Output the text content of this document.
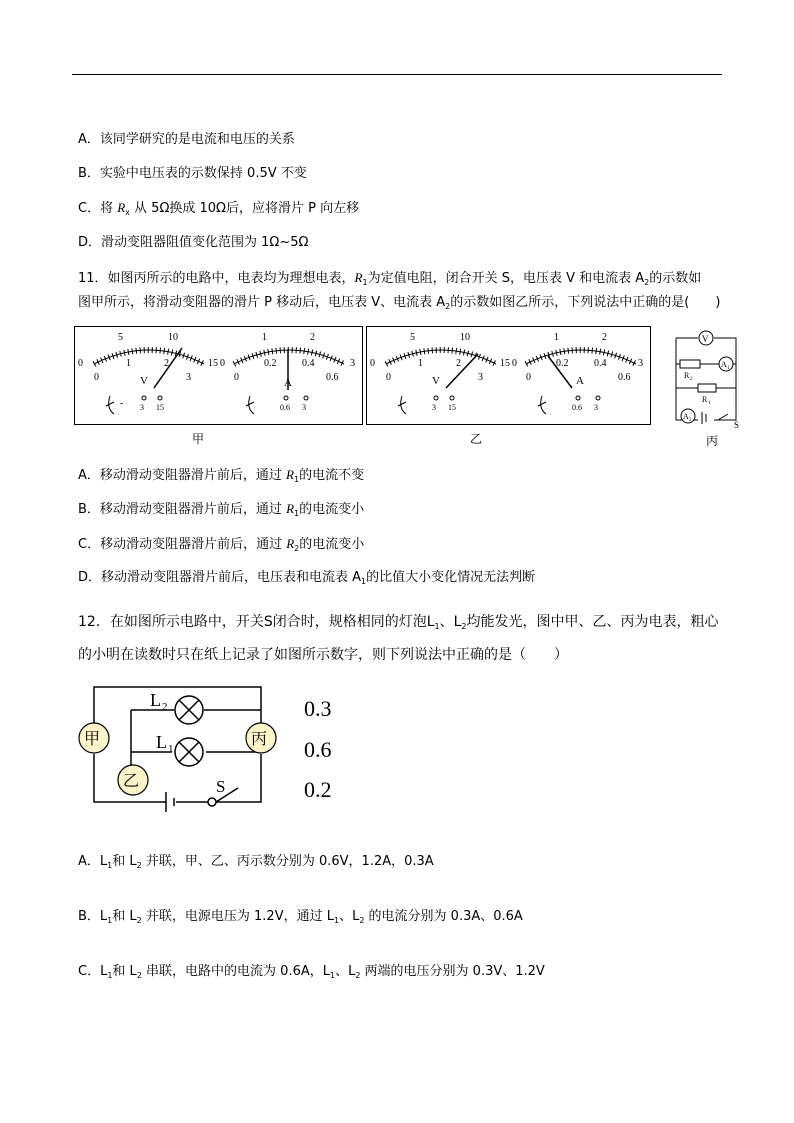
A．该同学研究的是电流和电压的关系
B．实验中电压表的示数保持 0.5V 不变
C．将 $R_x$ 从 5Ω换成 10Ω后，应将滑片 P 向左移
D．滑动变阻器阻值变化范围为 1Ω~5Ω
11．如图丙所示的电路中，电表均为理想电表，$R_1$为定值电阻，闭合开关 S，电压表 V 和电流表 $A_2$的示数如
图甲所示，将滑动变阻器的滑片 P 移动后，电压表 V、电流表 $A_2$的示数如图乙所示，下列说法中正确的是(　　)
0
5	10
15
0
1	2
3
V
- 3 15
0
1	2
3
0
0.2	0.4
0.6
A
0.6 3
0
5	10
15
0
1	2
3
V
3 15
0
1	2
3
0
0.2	0.4
0.6
A
0.6 3
V
R 2
A 1
R 1
A 2	S
甲	乙	丙
A．移动滑动变阻器滑片前后，通过 $R_1$的电流不变
B．移动滑动变阻器滑片前后，通过 $R_1$的电流变小
C．移动滑动变阻器滑片前后，通过 $R_2$的电流变小
D．移动滑动变阻器滑片前后，电压表和电流表 $A_1$的比值大小变化情况无法判断
12．在如图所示电路中，开关S闭合时，规格相同的灯泡$L_1$、$L_2$均能发光，图中甲、乙、丙为电表，粗心
的小明在读数时只在纸上记录了如图所示数字，则下列说法中正确的是（　　）
甲
乙
丙
L 2
L 1
S
0.3
0.6
0.2
A．$L_1$和 $L_2$ 并联，甲、乙、丙示数分别为 0.6V，1.2A，0.3A
B．$L_1$和 $L_2$ 并联，电源电压为 1.2V，通过 $L_1$、$L_2$ 的电流分别为 0.3A、0.6A
C．$L_1$和 $L_2$ 串联，电路中的电流为 0.6A，$L_1$、$L_2$ 两端的电压分别为 0.3V、1.2V
